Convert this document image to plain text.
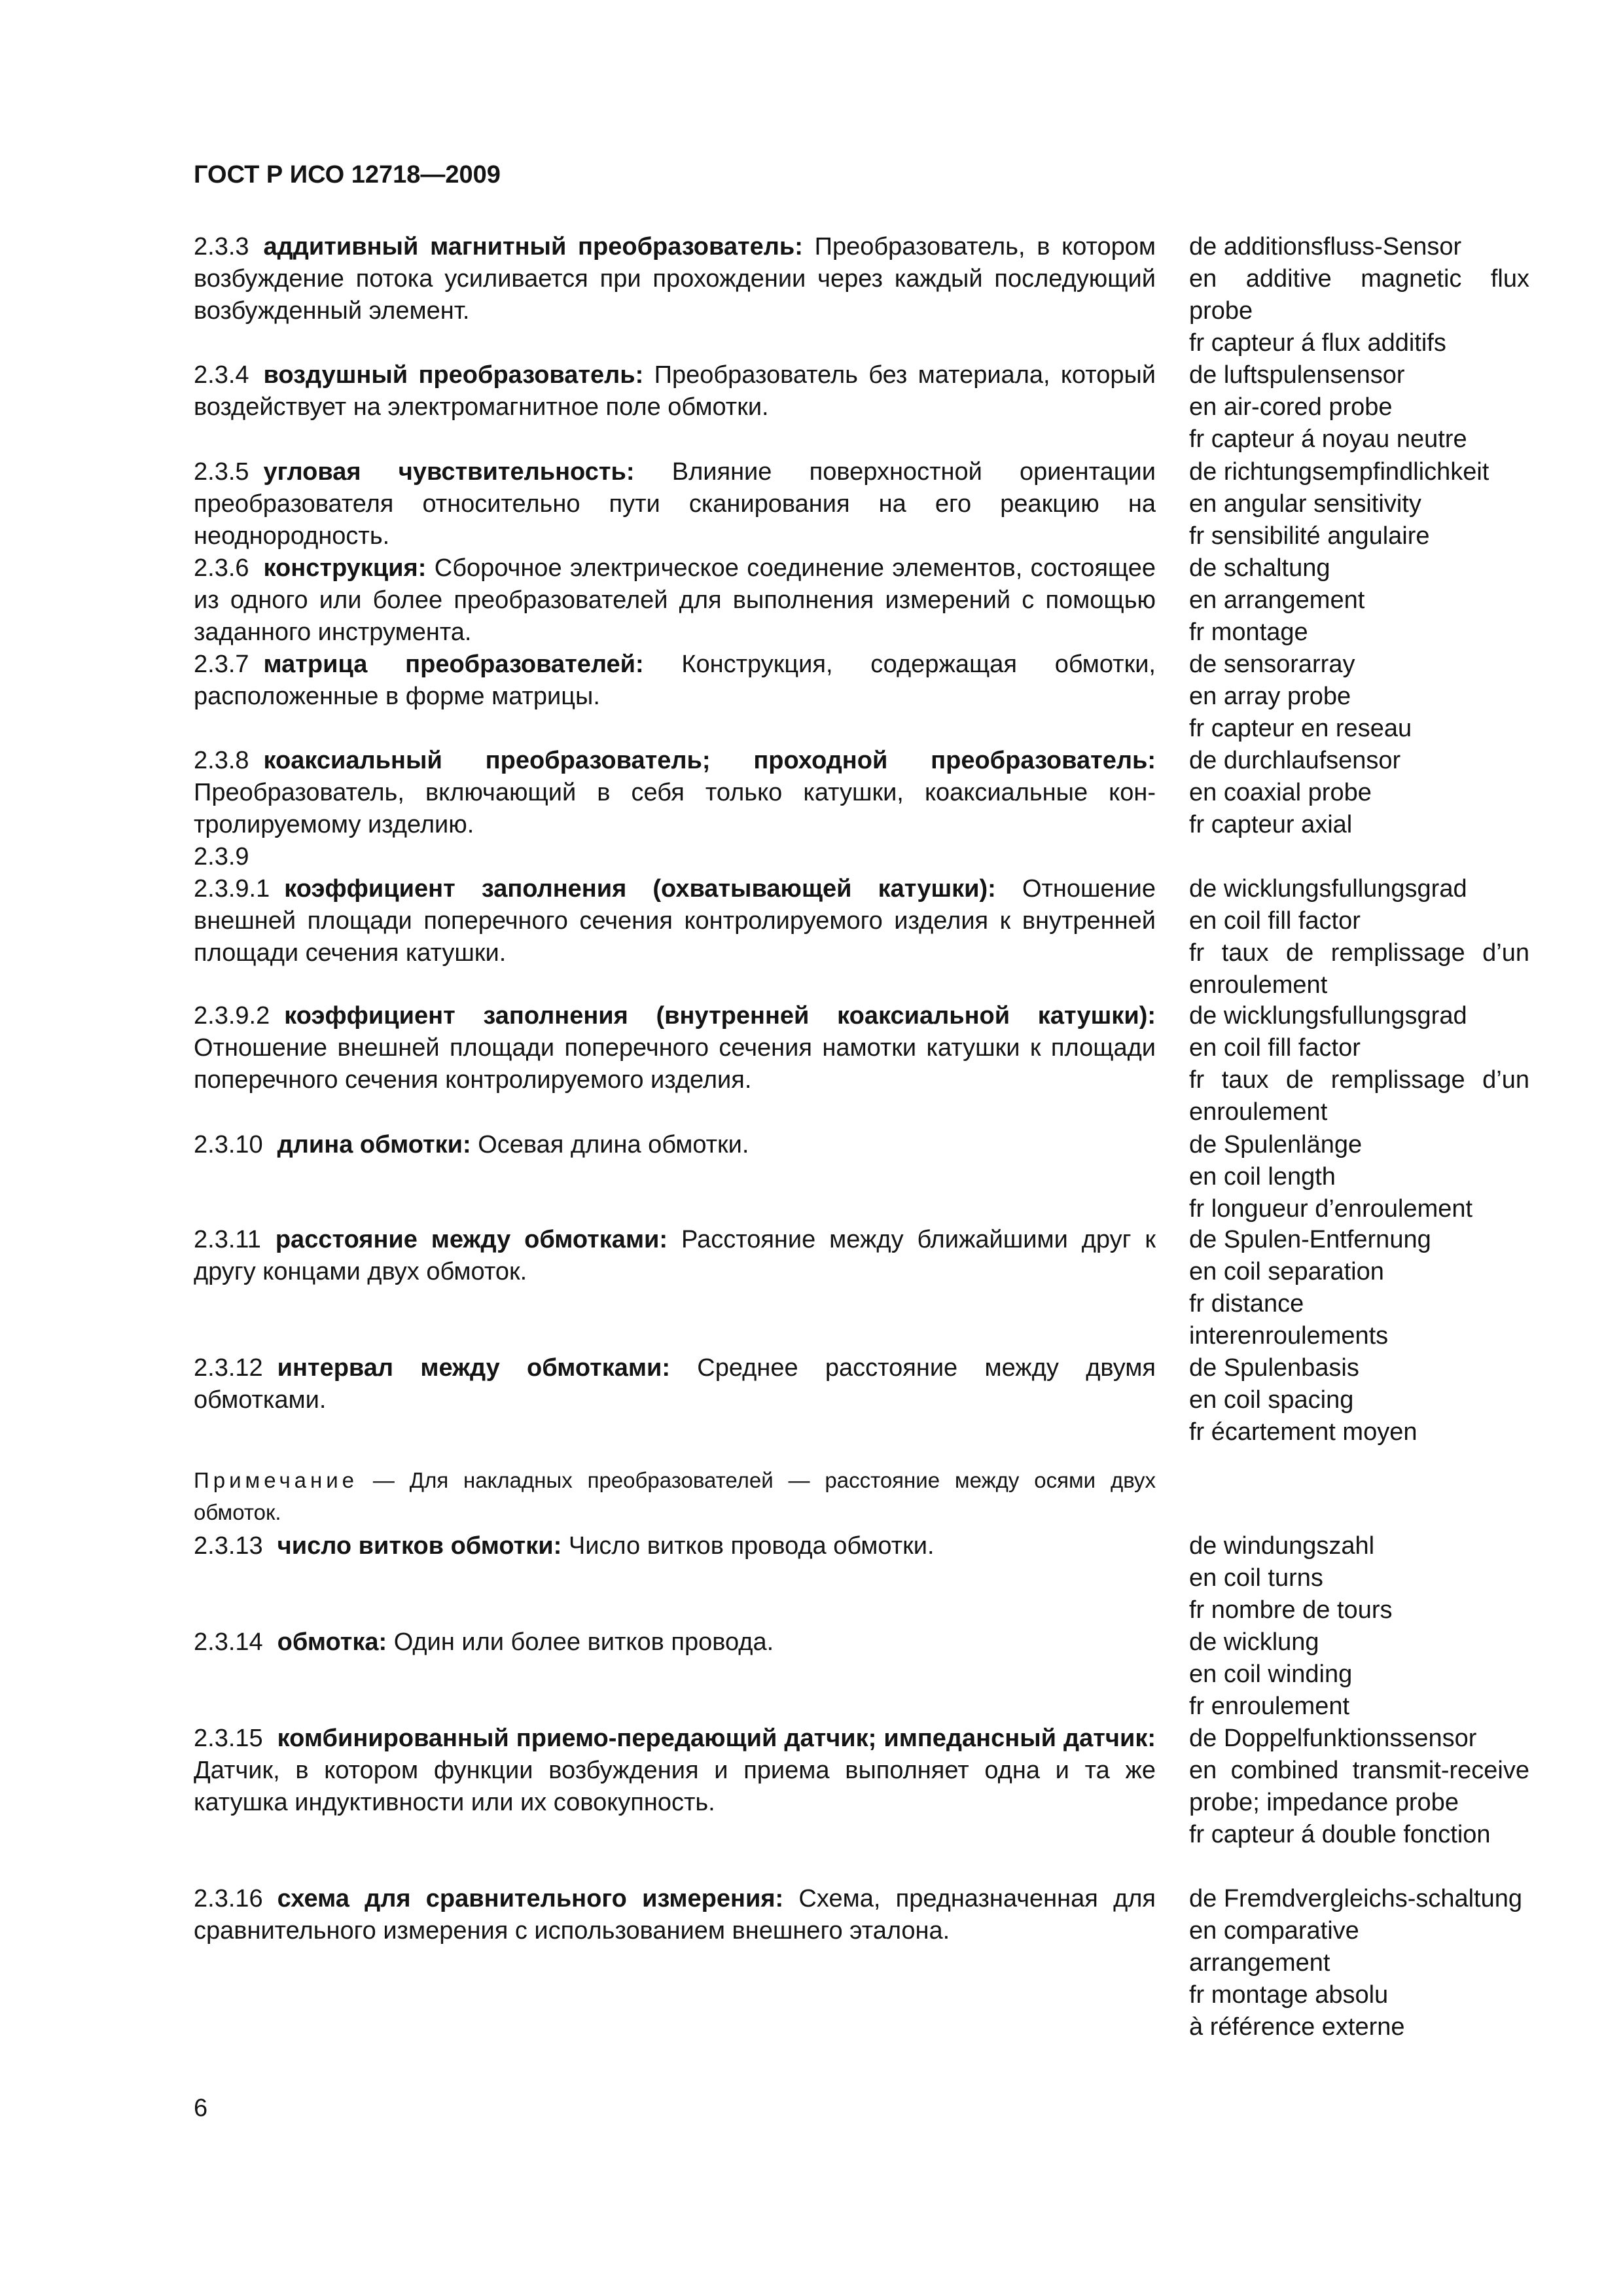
ГОСТ Р ИСО 12718—2009

2.3.3 аддитивный магнитный преобразователь: Преобразователь, в котором возбуждение потока усиливается при прохождении через каждый последующий возбужденный элемент.

de additionsfluss-Sensor
en additive magnetic flux probe
fr capteur á flux additifs

2.3.4 воздушный преобразователь: Преобразователь без материала, который воздействует на электромагнитное поле обмотки.

de luftspulensensor
en air-cored probe
fr capteur á noyau neutre

2.3.5 угловая чувствительность: Влияние поверхностной ориентации преобразователя относительно пути сканирования на его реакцию на неоднородность.

de richtungsempfindlichkeit
en angular sensitivity
fr sensibilité angulaire

2.3.6 конструкция: Сборочное электрическое соединение элементов, состоящее из одного или более преобразователей для выполнения измерений с помощью заданного инструмента.

de schaltung
en arrangement
fr montage

2.3.7 матрица преобразователей: Конструкция, содержащая обмотки, расположенные в форме матрицы.

de sensorarray
en array probe
fr capteur en reseau

2.3.8 коаксиальный преобразователь; проходной преобразователь: Преобразователь, включающий в себя только катушки, коаксиальные контролируемому изделию.

de durchlaufsensor
en coaxial probe
fr capteur axial

2.3.9

2.3.9.1 коэффициент заполнения (охватывающей катушки): Отношение внешней площади поперечного сечения контролируемого изделия к внутренней площади сечения катушки.

de wicklungsfullungsgrad
en coil fill factor
fr taux de remplissage d’un enroulement

2.3.9.2 коэффициент заполнения (внутренней коаксиальной катушки): Отношение внешней площади поперечного сечения намотки катушки к площади поперечного сечения контролируемого изделия.

de wicklungsfullungsgrad
en coil fill factor
fr taux de remplissage d’un enroulement

2.3.10 длина обмотки: Осевая длина обмотки.	de Spulenlänge
en coil length
fr longueur d’enroulement

2.3.11 расстояние между обмотками: Расстояние между ближайшими друг к другу концами двух обмоток.

de Spulen-Entfernung
en coil separation
fr distance
interenroulements

2.3.12 интервал между обмотками: Среднее расстояние между двумя обмотками.

de Spulenbasis
en coil spacing
fr écartement moyen

Примечание — Для накладных преобразователей — расстояние между осями двух обмоток.

2.3.13 число витков обмотки: Число витков провода обмотки.	de windungszahl
en coil turns
fr nombre de tours

2.3.14 обмотка: Один или более витков провода.	de wicklung
en coil winding
fr enroulement

2.3.15 комбинированный приемо-передающий датчик; импедансный датчик: Датчик, в котором функции возбуждения и приема выполняет одна и та же катушка индуктивности или их совокупность.

de Doppelfunktionssensor
en combined transmit-receive probe; impedance probe
fr capteur á double fonction

2.3.16 схема для сравнительного измерения: Схема, предназначенная для сравнительного измерения с использованием внешнего эталона.

de Fremdvergleichs-schaltung
en comparative
arrangement
fr montage absolu
à référence externe
6
